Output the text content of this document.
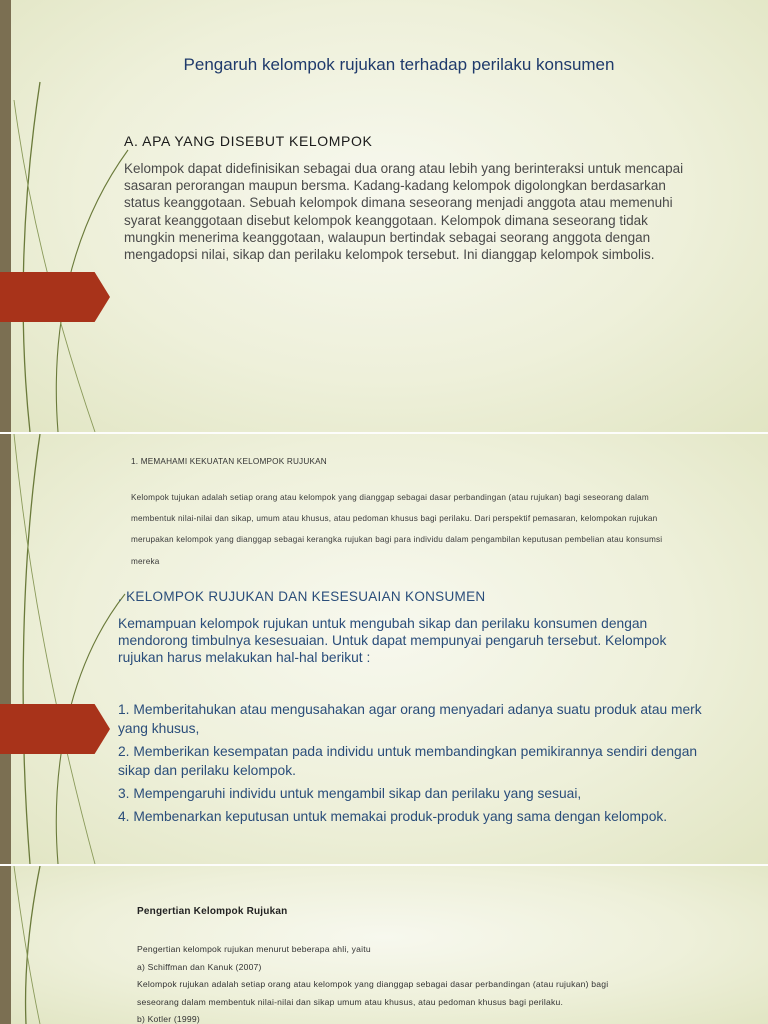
Pengaruh kelompok rujukan terhadap perilaku konsumen
A. APA YANG DISEBUT KELOMPOK

Kelompok dapat didefinisikan sebagai dua orang atau lebih yang berinteraksi untuk mencapai sasaran perorangan maupun bersma. Kadang-kadang kelompok digolongkan berdasarkan status keanggotaan. Sebuah kelompok dimana seseorang menjadi anggota atau memenuhi syarat keanggotaan disebut kelompok keanggotaan. Kelompok dimana seseorang tidak mungkin menerima keanggotaan, walaupun bertindak sebagai seorang anggota dengan mengadopsi nilai, sikap dan perilaku kelompok tersebut. Ini dianggap kelompok simbolis.

1. MEMAHAMI KEKUATAN KELOMPOK RUJUKAN

Kelompok tujukan adalah setiap orang atau kelompok yang dianggap sebagai dasar perbandingan (atau rujukan) bagi seseorang dalam membentuk nilai-nilai dan sikap, umum atau khusus, atau pedoman khusus bagi perilaku. Dari perspektif pemasaran, kelompokan rujukan merupakan kelompok yang dianggap sebagai kerangka rujukan bagi para individu dalam pengambilan keputusan pembelian atau konsumsi mereka

. KELOMPOK RUJUKAN DAN KESESUAIAN KONSUMEN

Kemampuan kelompok rujukan untuk mengubah sikap dan perilaku konsumen dengan mendorong timbulnya kesesuaian. Untuk dapat mempunyai pengaruh tersebut. Kelompok rujukan harus melakukan hal-hal berikut :

1. Memberitahukan atau mengusahakan agar orang menyadari adanya suatu produk atau merk yang khusus,
2. Memberikan kesempatan pada individu untuk membandingkan pemikirannya sendiri dengan sikap dan perilaku kelompok.
3. Mempengaruhi individu untuk mengambil sikap dan perilaku yang sesuai,
4. Membenarkan keputusan untuk memakai produk-produk yang sama dengan kelompok.
Pengertian Kelompok Rujukan
Pengertian kelompok rujukan menurut beberapa ahli, yaitu
a) Schiffman dan Kanuk (2007)
Kelompok rujukan adalah setiap orang atau kelompok yang dianggap sebagai dasar perbandingan (atau rujukan) bagi
seseorang dalam membentuk nilai-nilai dan sikap umum atau khusus, atau pedoman khusus bagi perilaku.
b) Kotler (1999)
